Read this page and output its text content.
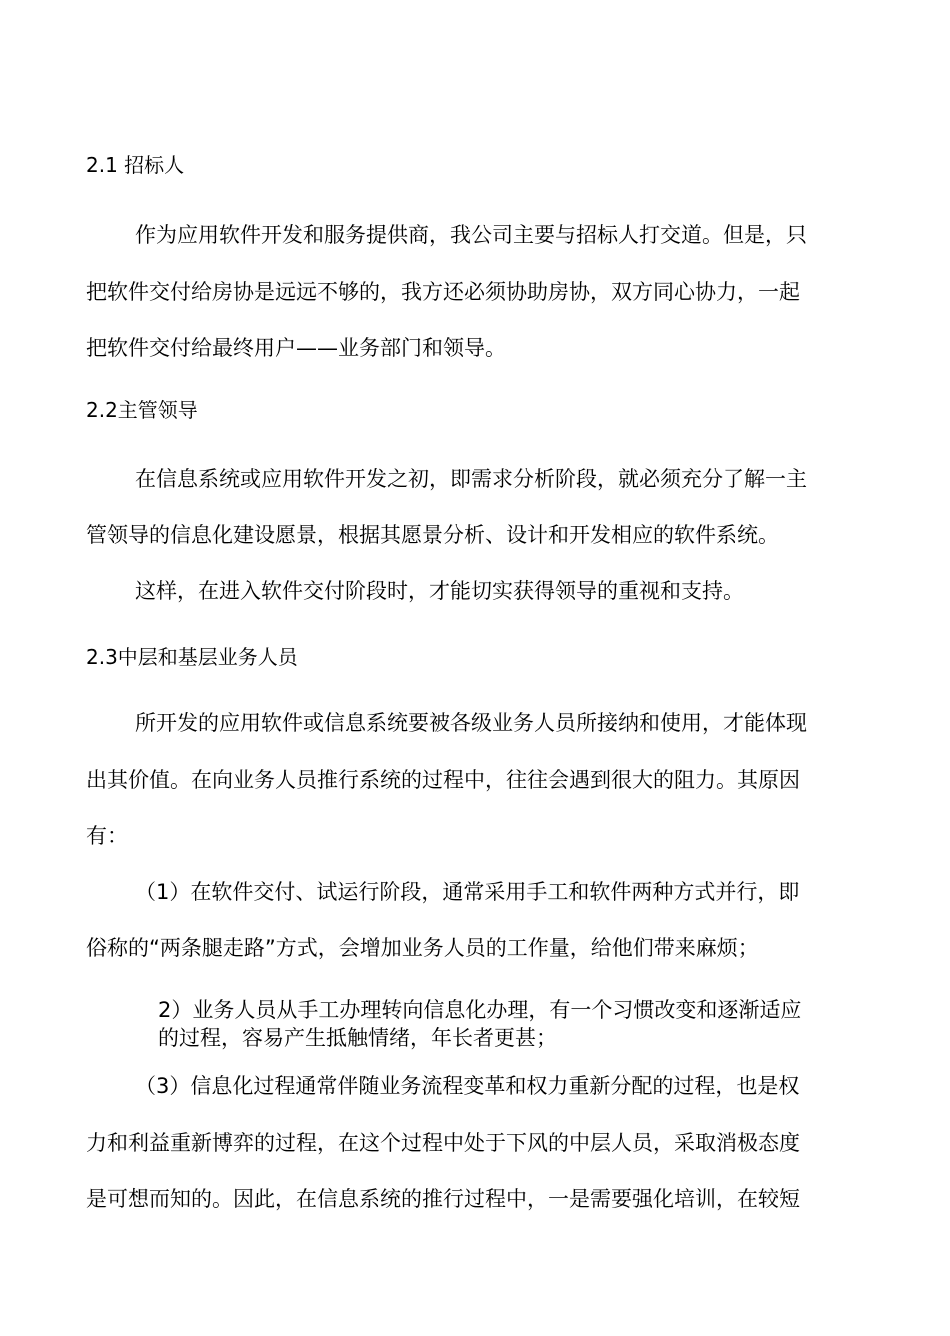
2.1 招标人
作为应用软件开发和服务提供商，我公司主要与招标人打交道。但是，只
把软件交付给房协是远远不够的，我方还必须协助房协，双方同心协力，一起
把软件交付给最终用户——业务部门和领导。
2.2主管领导
在信息系统或应用软件开发之初，即需求分析阶段，就必须充分了解一主
管领导的信息化建设愿景，根据其愿景分析、设计和开发相应的软件系统。
这样，在进入软件交付阶段时，才能切实获得领导的重视和支持。
2.3中层和基层业务人员
所开发的应用软件或信息系统要被各级业务人员所接纳和使用，才能体现
出其价值。在向业务人员推行系统的过程中，往往会遇到很大的阻力。其原因
有：
（1）在软件交付、试运行阶段，通常采用手工和软件两种方式并行，即
俗称的“两条腿走路”方式，会增加业务人员的工作量，给他们带来麻烦；
2）业务人员从手工办理转向信息化办理，有一个习惯改变和逐渐适应
的过程，容易产生抵触情绪，年长者更甚；
（3）信息化过程通常伴随业务流程变革和权力重新分配的过程，也是权
力和利益重新博弈的过程，在这个过程中处于下风的中层人员，采取消极态度
是可想而知的。因此，在信息系统的推行过程中，一是需要强化培训，在较短
